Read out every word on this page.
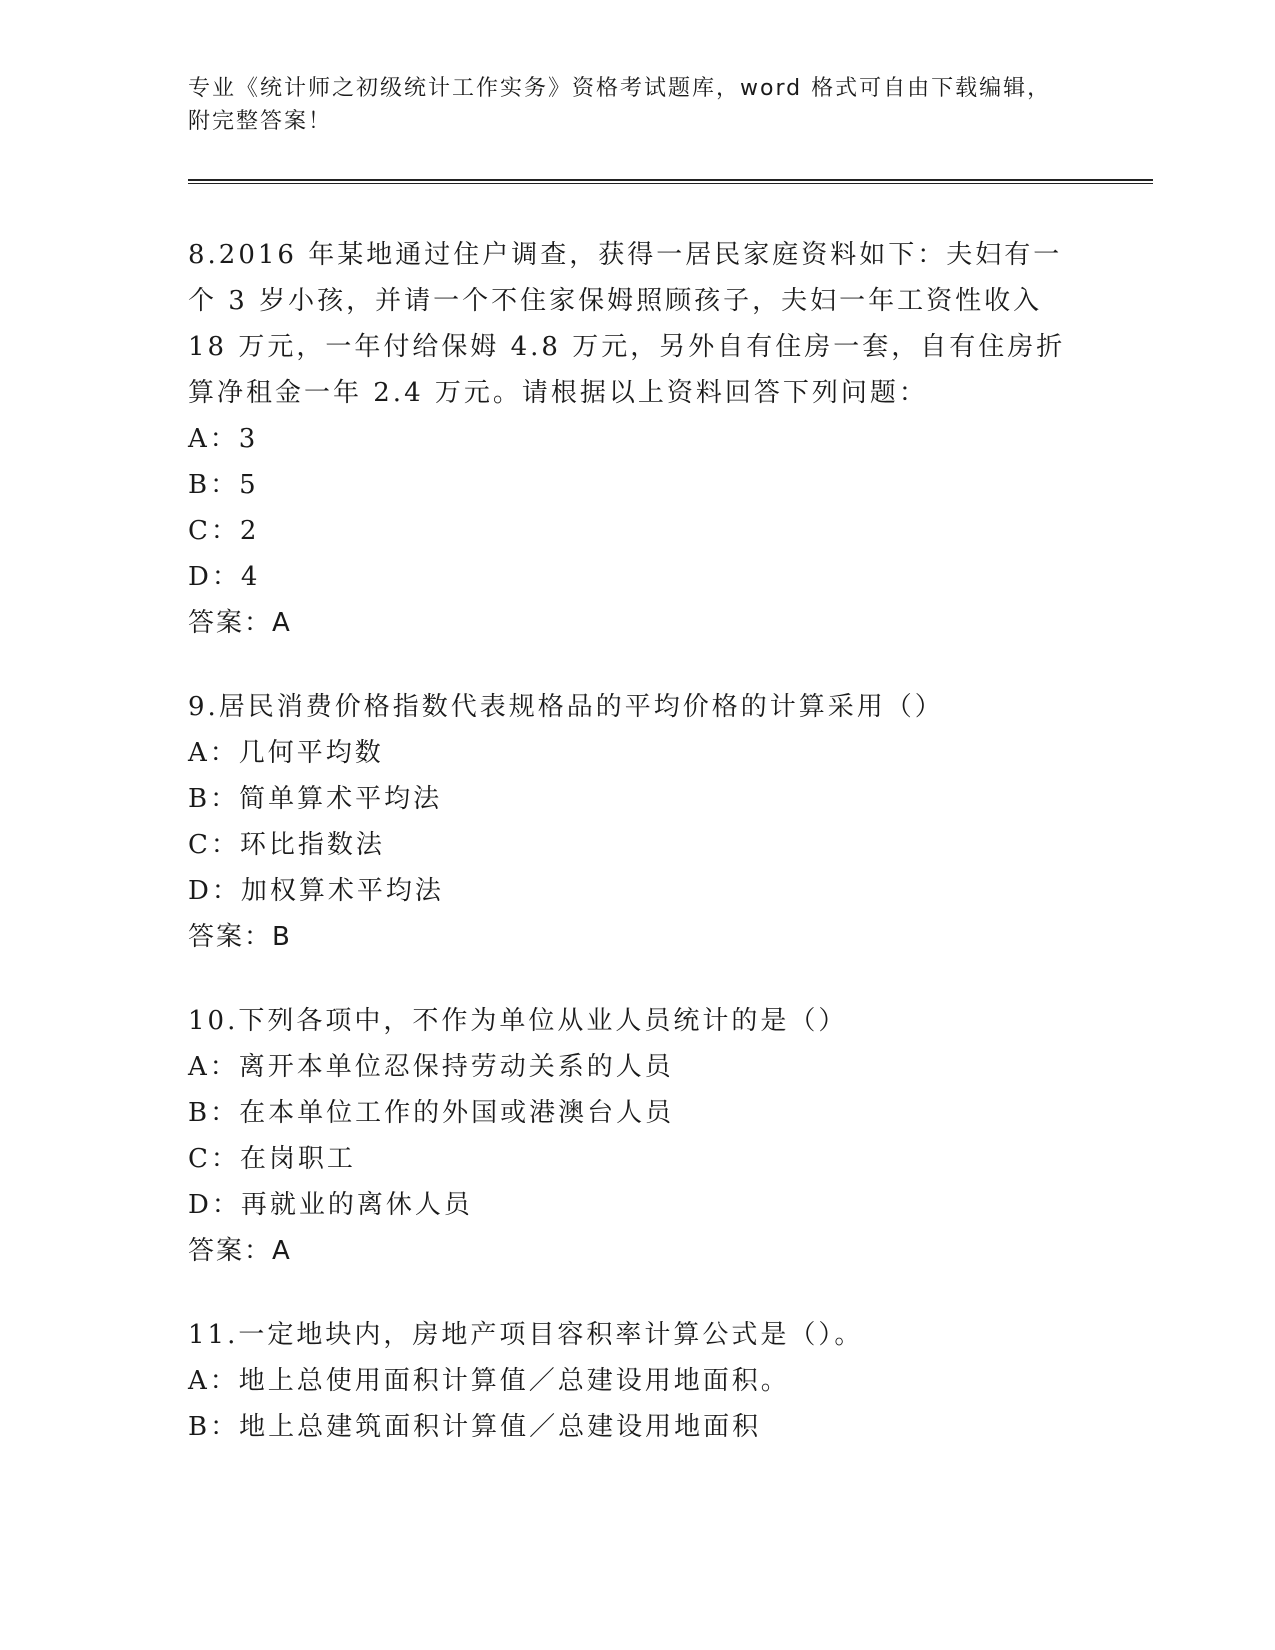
专业《统计师之初级统计工作实务》资格考试题库，word 格式可自由下载编辑，
附完整答案！
8.2016 年某地通过住户调查，获得一居民家庭资料如下：夫妇有一个 3 岁小孩，并请一个不住家保姆照顾孩子，夫妇一年工资性收入 18 万元，一年付给保姆 4.8 万元，另外自有住房一套，自有住房折算净租金一年 2.4 万元。请根据以上资料回答下列问题：
A：3
B：5
C：2
D：4
答案：A
9.居民消费价格指数代表规格品的平均价格的计算采用（）
A：几何平均数
B：简单算术平均法
C：环比指数法
D：加权算术平均法
答案：B
10.下列各项中，不作为单位从业人员统计的是（）
A：离开本单位忍保持劳动关系的人员
B：在本单位工作的外国或港澳台人员
C：在岗职工
D：再就业的离休人员
答案：A
11.一定地块内，房地产项目容积率计算公式是（）。
A：地上总使用面积计算值／总建设用地面积。
B：地上总建筑面积计算值／总建设用地面积
